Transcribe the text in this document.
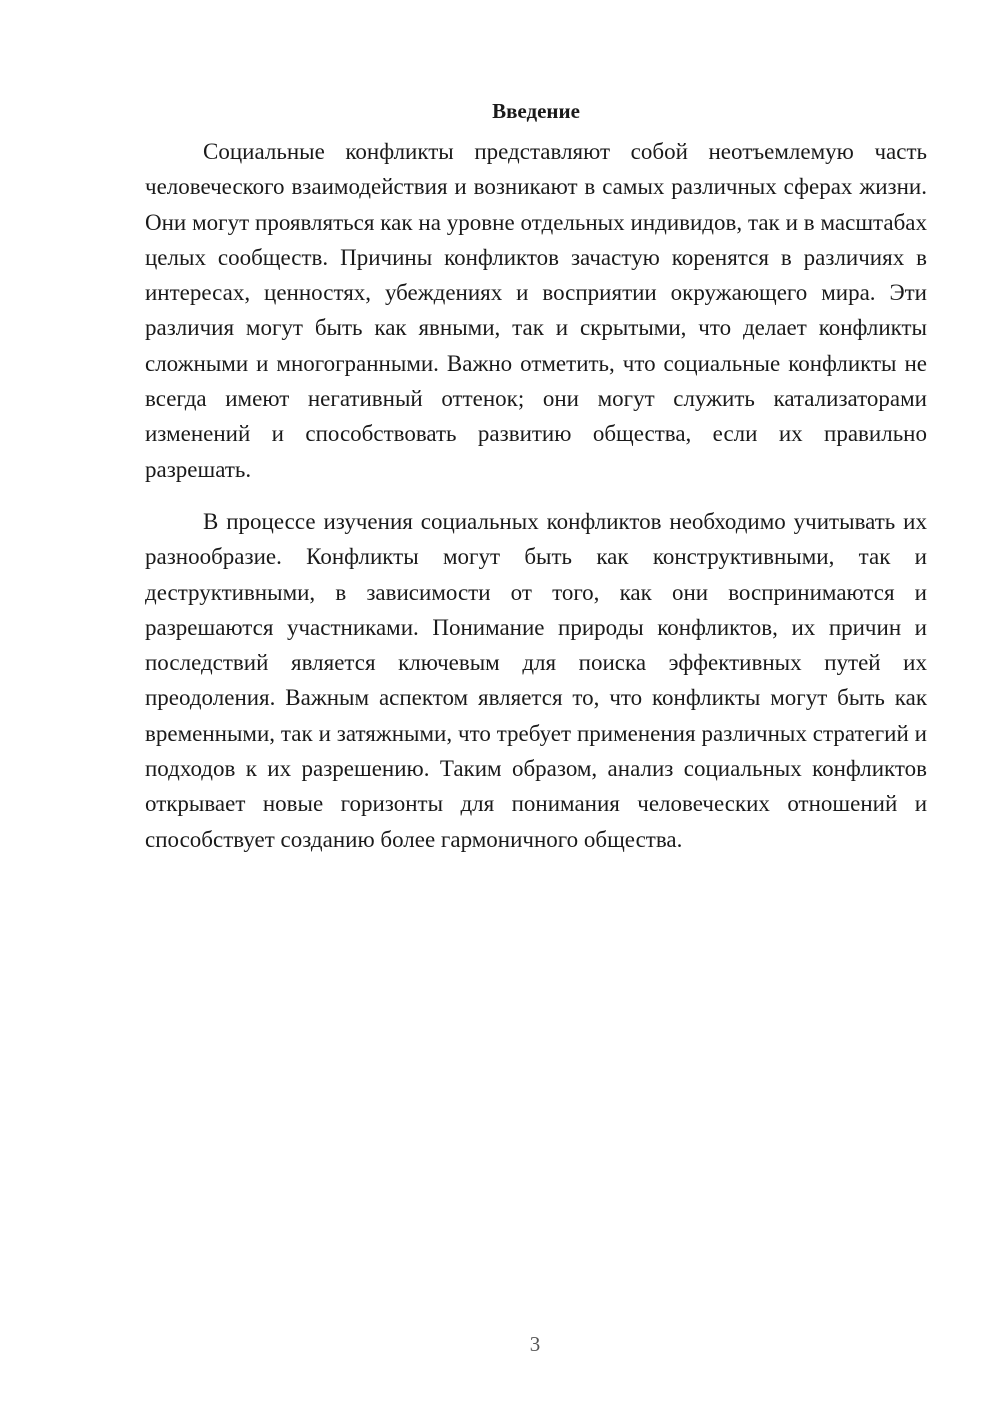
Введение

Социальные конфликты представляют собой неотъемлемую часть человеческого взаимодействия и возникают в самых различных сферах жизни. Они могут проявляться как на уровне отдельных индивидов, так и в масштабах целых сообществ. Причины конфликтов зачастую коренятся в различиях в интересах, ценностях, убеждениях и восприятии окружающего мира. Эти различия могут быть как явными, так и скрытыми, что делает конфликты сложными и многогранными. Важно отметить, что социальные конфликты не всегда имеют негативный оттенок; они могут служить катализаторами изменений и способствовать развитию общества, если их правильно разрешать.

В процессе изучения социальных конфликтов необходимо учитывать их разнообразие. Конфликты могут быть как конструктивными, так и деструктивными, в зависимости от того, как они воспринимаются и разрешаются участниками. Понимание природы конфликтов, их причин и последствий является ключевым для поиска эффективных путей их преодоления. Важным аспектом является то, что конфликты могут быть как временными, так и затяжными, что требует применения различных стратегий и подходов к их разрешению. Таким образом, анализ социальных конфликтов открывает новые горизонты для понимания человеческих отношений и способствует созданию более гармоничного общества.

3
